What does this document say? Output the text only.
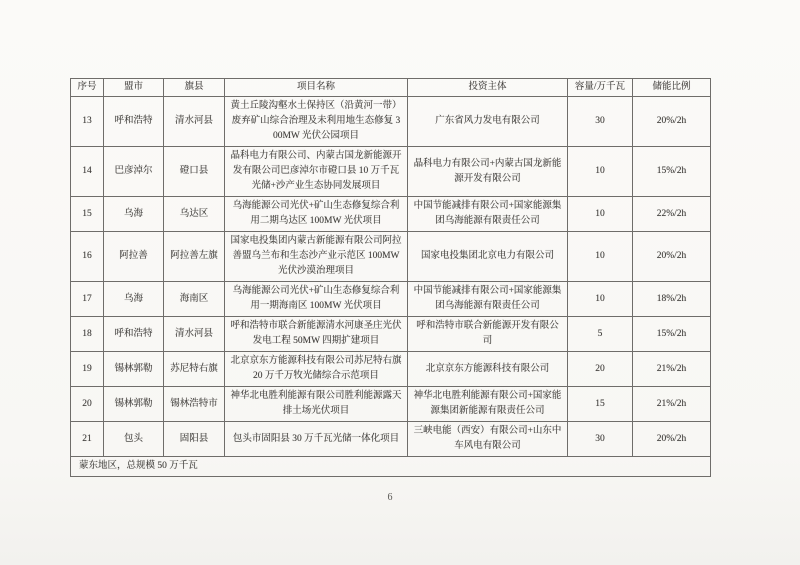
序号	盟市	旗县	项目名称	投资主体	容量/万千瓦	储能比例
13	呼和浩特	清水河县	黄土丘陵沟壑水土保持区（沿黄河一带）废弃矿山综合治理及未利用地生态修复 300MW 光伏公园项目	广东省风力发电有限公司	30	20%/2h
14	巴彦淖尔	磴口县	晶科电力有限公司、内蒙古国龙新能源开发有限公司巴彦淖尔市磴口县 10 万千瓦光储+沙产业生态协同发展项目	晶科电力有限公司+内蒙古国龙新能源开发有限公司	10	15%/2h
15	乌海	乌达区	乌海能源公司光伏+矿山生态修复综合利用二期乌达区 100MW 光伏项目	中国节能减排有限公司+国家能源集团乌海能源有限责任公司	10	22%/2h
16	阿拉善	阿拉善左旗	国家电投集团内蒙古新能源有限公司阿拉善盟乌兰布和生态沙产业示范区 100MW 光伏沙漠治理项目	国家电投集团北京电力有限公司	10	20%/2h
17	乌海	海南区	乌海能源公司光伏+矿山生态修复综合利用一期海南区 100MW 光伏项目	中国节能减排有限公司+国家能源集团乌海能源有限责任公司	10	18%/2h
18	呼和浩特	清水河县	呼和浩特市联合新能源清水河康圣庄光伏发电工程 50MW 四期扩建项目	呼和浩特市联合新能源开发有限公司	5	15%/2h
19	锡林郭勒	苏尼特右旗	北京京东方能源科技有限公司苏尼特右旗 20 万千万牧光储综合示范项目	北京京东方能源科技有限公司	20	21%/2h
20	锡林郭勒	锡林浩特市	神华北电胜利能源有限公司胜利能源露天排土场光伏项目	神华北电胜利能源有限公司+国家能源集团新能源有限责任公司	15	21%/2h
21	包头	固阳县	包头市固阳县 30 万千瓦光储一体化项目	三峡电能（西安）有限公司+山东中车风电有限公司	30	20%/2h
蒙东地区，总规模 50 万千瓦						
6
